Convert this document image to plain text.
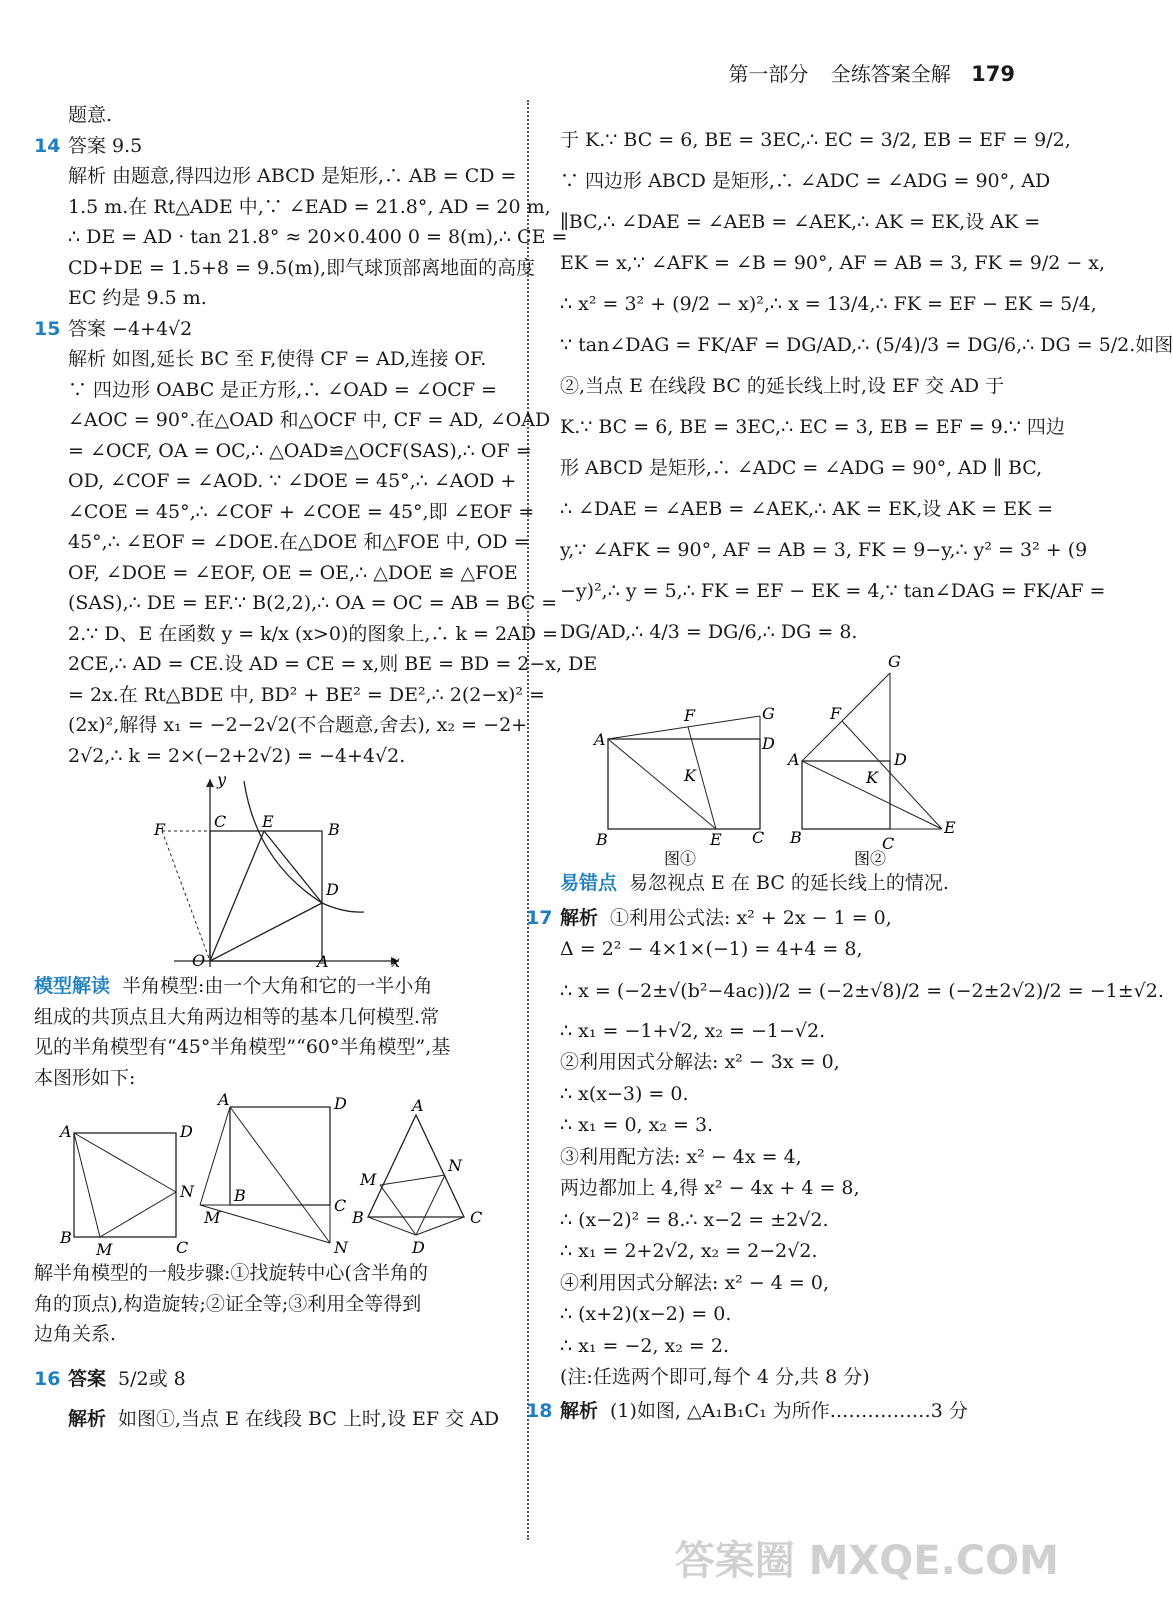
第一部分 全练答案全解 179

题意.

14 答案 9.5

解析 由题意,得四边形 ABCD 是矩形,∴ AB = CD =

1.5 m.在 Rt△ADE 中,∵ ∠EAD = 21.8°, AD = 20 m,

∴ DE = AD · tan 21.8° ≈ 20×0.400 0 = 8(m),∴ CE =

CD+DE = 1.5+8 = 9.5(m),即气球顶部离地面的高度

EC 约是 9.5 m.

15 答案 −4+4√2

解析 如图,延长 BC 至 F,使得 CF = AD,连接 OF.

∵ 四边形 OABC 是正方形,∴ ∠OAD = ∠OCF =

∠AOC = 90°.在△OAD 和△OCF 中, CF = AD, ∠OAD

= ∠OCF, OA = OC,∴ △OAD≌△OCF(SAS),∴ OF =

OD, ∠COF = ∠AOD. ∵ ∠DOE = 45°,∴ ∠AOD +

∠COE = 45°,∴ ∠COF + ∠COE = 45°,即 ∠EOF =

45°,∴ ∠EOF = ∠DOE.在△DOE 和△FOE 中, OD =

OF, ∠DOE = ∠EOF, OE = OE,∴ △DOE ≌ △FOE

(SAS),∴ DE = EF.∵ B(2,2),∴ OA = OC = AB = BC =

2.∵ D、E 在函数 y = k/x (x>0)的图象上,∴ k = 2AD =

2CE,∴ AD = CE.设 AD = CE = x,则 BE = BD = 2−x, DE

= 2x.在 Rt△BDE 中, BD² + BE² = DE²,∴ 2(2−x)² =

(2x)²,解得 x₁ = −2−2√2(不合题意,舍去), x₂ = −2+

2√2,∴ k = 2×(−2+2√2) = −4+4√2.

y
F	C E	B
D
O	A	x

模型解读 半角模型:由一个大角和它的一半小角

组成的共顶点且大角两边相等的基本几何模型.常

见的半角模型有“45°半角模型”“60°半角模型”,基

本图形如下:

A	D
N
B
M	C
A	D
B
M
C
N
A
N
M
B	C
D

解半角模型的一般步骤:①找旋转中心(含半角的

角的顶点),构造旋转;②证全等;③利用全等得到

边角关系.

16 答案 5/2或 8

解析 如图①,当点 E 在线段 BC 上时,设 EF 交 AD

于 K.∵ BC = 6, BE = 3EC,∴ EC = 3/2, EB = EF = 9/2,

∵ 四边形 ABCD 是矩形,∴ ∠ADC = ∠ADG = 90°, AD

∥BC,∴ ∠DAE = ∠AEB = ∠AEK,∴ AK = EK,设 AK =

EK = x,∵ ∠AFK = ∠B = 90°, AF = AB = 3, FK = 9/2 − x,

∴ x² = 3² + (9/2 − x)²,∴ x = 13/4,∴ FK = EF − EK = 5/4,

∵ tan∠DAG = FK/AF = DG/AD,∴ (5/4)/3 = DG/6,∴ DG = 5/2.如图

②,当点 E 在线段 BC 的延长线上时,设 EF 交 AD 于

K.∵ BC = 6, BE = 3EC,∴ EC = 3, EB = EF = 9.∵ 四边

形 ABCD 是矩形,∴ ∠ADC = ∠ADG = 90°, AD ∥ BC,

∴ ∠DAE = ∠AEB = ∠AEK,∴ AK = EK,设 AK = EK =

y,∵ ∠AFK = 90°, AF = AB = 3, FK = 9−y,∴ y² = 3² + (9

−y)²,∴ y = 5,∴ FK = EF − EK = 4,∵ tan∠DAG = FK/AF =

DG/AD,∴ 4/3 = DG/6,∴ DG = 8.

A
F	G
D
K
B	E C
图①
G
F
A	D
K
B	C
E
图②

易错点 易忽视点 E 在 BC 的延长线上的情况.

17 解析 ①利用公式法: x² + 2x − 1 = 0,

Δ = 2² − 4×1×(−1) = 4+4 = 8,

∴ x = (−2±√(b²−4ac))/2 = (−2±√8)/2 = (−2±2√2)/2 = −1±√2.

∴ x₁ = −1+√2, x₂ = −1−√2.

②利用因式分解法: x² − 3x = 0,

∴ x(x−3) = 0.

∴ x₁ = 0, x₂ = 3.

③利用配方法: x² − 4x = 4,

两边都加上 4,得 x² − 4x + 4 = 8,

∴ (x−2)² = 8.∴ x−2 = ±2√2.

∴ x₁ = 2+2√2, x₂ = 2−2√2.

④利用因式分解法: x² − 4 = 0,

∴ (x+2)(x−2) = 0.

∴ x₁ = −2, x₂ = 2.

(注:任选两个即可,每个 4 分,共 8 分)

18 解析 (1)如图, △A₁B₁C₁ 为所作.……………3 分

答案圈 MXQE.COM
